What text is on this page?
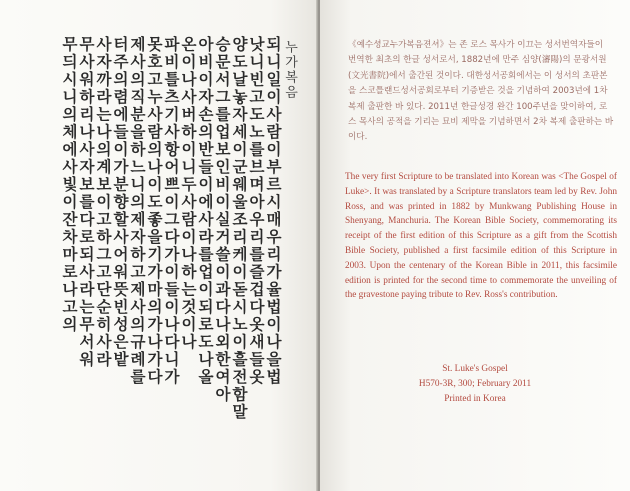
되니일이사람이부르시매우리가율법이나을법
낫니빈고도노를브며아우리를즐겁다옷새들옷
양도날놓자세이군웨울조리케이돋시노이흘전함말
승문서그를업보인비이실거쓸이과다나외한여아
아비이자손의반들이에사라를업이되로도나올
온이나사버하이니두사람이나하는것이나
파비틀츠기사항어쁘이그다가이들이나다니가
못호고누사람의나이도좋을기가마의가나가다
제사의직분을하느니의제자하고제사의규례를
터주의렴에들이가분향할사어워뜻빈성은밭
사자까라는나의계보이고하그고단순히사라
무사워하리나사자보를다로되사라는무서워
무듸시니의체에사빛이잔차마로나고의	누가복음	《예수셩교누가복음젼셔》는 존 로스 목사가 이끄는 성서번역자들이 번역한 최초의 한글 성서로서, 1882년에 만주 심양(瀋陽)의 문광서원(文光書院)에서 출간된 것이다. 대한성서공회에서는 이 성서의 초판본을 스코틀랜드성서공회로부터 기증받은 것을 기념하여 2003년에 1차 복제 출판한 바 있다. 2011년 한글성경 완간 100주년을 맞이하여, 로스 목사의 공적을 기리는 묘비 제막을 기념하면서 2차 복제 출판하는 바이다.

The very first Scripture to be translated into Korean was <The Gospel of Luke>. It was translated by a Scripture translators team led by Rev. John Ross, and was printed in 1882 by Munkwang Publishing House in Shenyang, Manchuria. The Korean Bible Society, commemorating its receipt of the first edition of this Scripture as a gift from the Scottish Bible Society, published a first facsimile edition of this Scripture in 2003. Upon the centenary of the Korean Bible in 2011, this facsimile edition is printed for the second time to commemorate the unveiling of the gravestone paying tribute to Rev. Ross's contribution.

St. Luke's Gospel
H570-3R, 300; February 2011
Printed in Korea
